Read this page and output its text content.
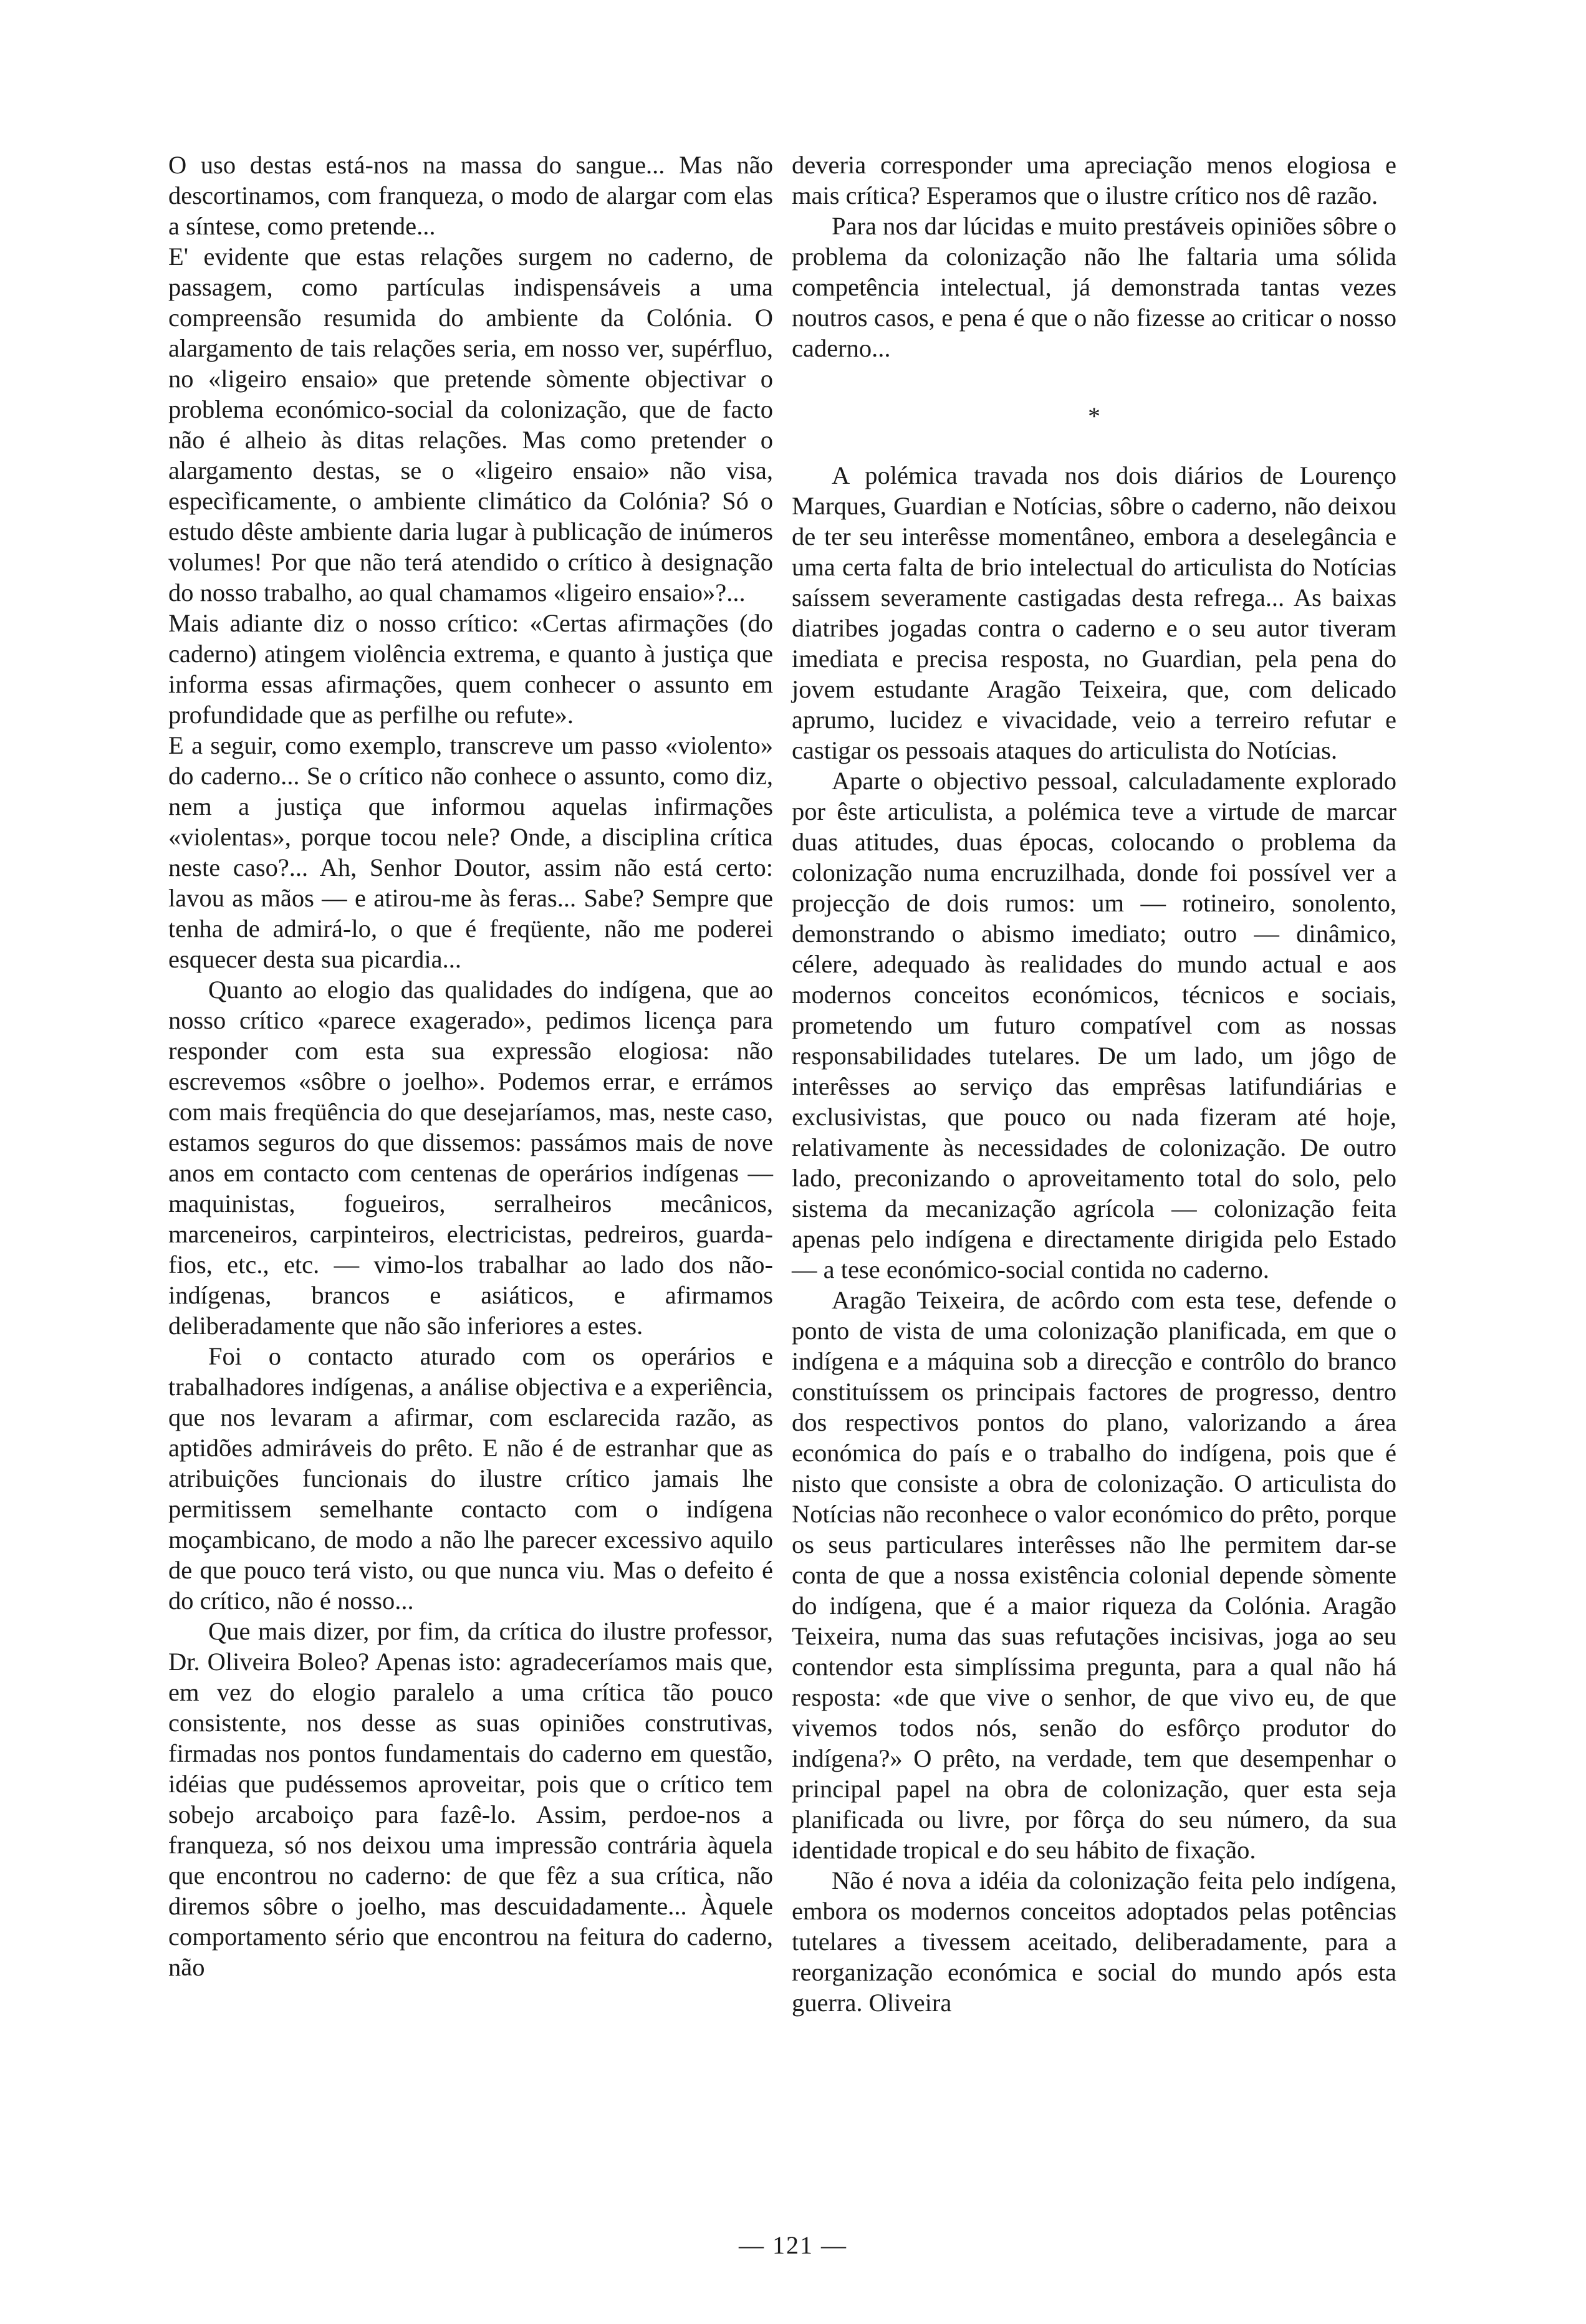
O uso destas está-nos na massa do sangue... Mas não descortinamos, com franqueza, o modo de alargar com elas a síntese, como pretende...

E' evidente que estas relações surgem no caderno, de passagem, como partículas indispensáveis a uma compreensão resumida do ambiente da Colónia. O alargamento de tais relações seria, em nosso ver, supérfluo, no «ligeiro ensaio» que pretende sòmente objectivar o problema económico-social da colonização, que de facto não é alheio às ditas relações. Mas como pretender o alargamento destas, se o «ligeiro ensaio» não visa, especìficamente, o ambiente climático da Colónia? Só o estudo dêste ambiente daria lugar à publicação de inúmeros volumes! Por que não terá atendido o crítico à designação do nosso trabalho, ao qual chamamos «ligeiro ensaio»?...

Mais adiante diz o nosso crítico: «Certas afirmações (do caderno) atingem violência extrema, e quanto à justiça que informa essas afirmações, quem conhecer o assunto em profundidade que as perfilhe ou refute».

E a seguir, como exemplo, transcreve um passo «violento» do caderno... Se o crítico não conhece o assunto, como diz, nem a justiça que informou aquelas infirmações «violentas», porque tocou nele? Onde, a disciplina crítica neste caso?... Ah, Senhor Doutor, assim não está certo: lavou as mãos — e atirou-me às feras... Sabe? Sempre que tenha de admirá-lo, o que é freqüente, não me poderei esquecer desta sua picardia...

Quanto ao elogio das qualidades do indígena, que ao nosso crítico «parece exagerado», pedimos licença para responder com esta sua expressão elogiosa: não escrevemos «sôbre o joelho». Podemos errar, e errámos com mais freqüência do que desejaríamos, mas, neste caso, estamos seguros do que dissemos: passámos mais de nove anos em contacto com centenas de operários indígenas — maquinistas, fogueiros, serralheiros mecânicos, marceneiros, carpinteiros, electricistas, pedreiros, guarda-fios, etc., etc. — vimo-los trabalhar ao lado dos não-indígenas, brancos e asiáticos, e afirmamos deliberadamente que não são inferiores a estes.

Foi o contacto aturado com os operários e trabalhadores indígenas, a análise objectiva e a experiência, que nos levaram a afirmar, com esclarecida razão, as aptidões admiráveis do prêto. E não é de estranhar que as atribuições funcionais do ilustre crítico jamais lhe permitissem semelhante contacto com o indígena moçambicano, de modo a não lhe parecer excessivo aquilo de que pouco terá visto, ou que nunca viu. Mas o defeito é do crítico, não é nosso...

Que mais dizer, por fim, da crítica do ilustre professor, Dr. Oliveira Boleo? Apenas isto: agradeceríamos mais que, em vez do elogio paralelo a uma crítica tão pouco consistente, nos desse as suas opiniões construtivas, firmadas nos pontos fundamentais do caderno em questão, idéias que pudéssemos aproveitar, pois que o crítico tem sobejo arcaboiço para fazê-lo. Assim, perdoe-nos a franqueza, só nos deixou uma impressão contrária àquela que encontrou no caderno: de que fêz a sua crítica, não diremos sôbre o joelho, mas descuidadamente... Àquele comportamento sério que encontrou na feitura do caderno, não

deveria corresponder uma apreciação menos elogiosa e mais crítica? Esperamos que o ilustre crítico nos dê razão.

Para nos dar lúcidas e muito prestáveis opiniões sôbre o problema da colonização não lhe faltaria uma sólida competência intelectual, já demonstrada tantas vezes noutros casos, e pena é que o não fizesse ao criticar o nosso caderno...

*

A polémica travada nos dois diários de Lourenço Marques, Guardian e Notícias, sôbre o caderno, não deixou de ter seu interêsse momentâneo, embora a deselegância e uma certa falta de brio intelectual do articulista do Notícias saíssem severamente castigadas desta refrega... As baixas diatribes jogadas contra o caderno e o seu autor tiveram imediata e precisa resposta, no Guardian, pela pena do jovem estudante Aragão Teixeira, que, com delicado aprumo, lucidez e vivacidade, veio a terreiro refutar e castigar os pessoais ataques do articulista do Notícias.

Aparte o objectivo pessoal, calculadamente explorado por êste articulista, a polémica teve a virtude de marcar duas atitudes, duas épocas, colocando o problema da colonização numa encruzilhada, donde foi possível ver a projecção de dois rumos: um — rotineiro, sonolento, demonstrando o abismo imediato; outro — dinâmico, célere, adequado às realidades do mundo actual e aos modernos conceitos económicos, técnicos e sociais, prometendo um futuro compatível com as nossas responsabilidades tutelares. De um lado, um jôgo de interêsses ao serviço das emprêsas latifundiárias e exclusivistas, que pouco ou nada fizeram até hoje, relativamente às necessidades de colonização. De outro lado, preconizando o aproveitamento total do solo, pelo sistema da mecanização agrícola — colonização feita apenas pelo indígena e directamente dirigida pelo Estado — a tese económico-social contida no caderno.

Aragão Teixeira, de acôrdo com esta tese, defende o ponto de vista de uma colonização planificada, em que o indígena e a máquina sob a direcção e contrôlo do branco constituíssem os principais factores de progresso, dentro dos respectivos pontos do plano, valorizando a área económica do país e o trabalho do indígena, pois que é nisto que consiste a obra de colonização. O articulista do Notícias não reconhece o valor económico do prêto, porque os seus particulares interêsses não lhe permitem dar-se conta de que a nossa existência colonial depende sòmente do indígena, que é a maior riqueza da Colónia. Aragão Teixeira, numa das suas refutações incisivas, joga ao seu contendor esta simplíssima pregunta, para a qual não há resposta: «de que vive o senhor, de que vivo eu, de que vivemos todos nós, senão do esfôrço produtor do indígena?» O prêto, na verdade, tem que desempenhar o principal papel na obra de colonização, quer esta seja planificada ou livre, por fôrça do seu número, da sua identidade tropical e do seu hábito de fixação.

Não é nova a idéia da colonização feita pelo indígena, embora os modernos conceitos adoptados pelas potências tutelares a tivessem aceitado, deliberadamente, para a reorganização económica e social do mundo após esta guerra. Oliveira

— 121 —
